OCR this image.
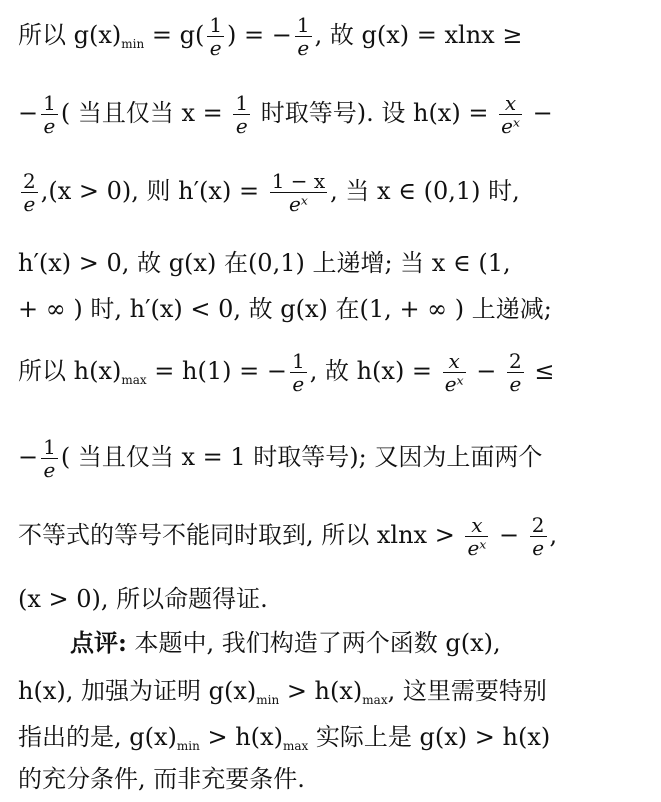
所以 $g(x)_{min} = g( \frac{1}{e}$ ) = − $\frac{1}{e}$ , 故 g(x) = xlnx ≥
− $\frac{1}{e}$ ( 当且仅当 $x = \frac{1}{e}$ 时取等号). 设 $h(x) = \frac{x}{\text{eˣ}}$ −
$\frac{2}{e} ,(x > 0)$, 则 $h'(x) = \frac{1 - x}{\text{eˣ}}$ , 当 x ∈ (0,1) 时,
h′(x) > 0, 故 g(x) 在(0,1) 上递增; 当 x ∈ (1,
+ ∞ ) 时, h′(x) < 0, 故 g(x) 在(1, + ∞ ) 上递减;
所以 $h(x)_{max} = h(1)$ = − $\frac{1}{e}$ , 故 $h(x) = \frac{x}{\text{eˣ}} - \frac{2}{e}$ ≤
− $\frac{1}{e}$ ( 当且仅当 x = 1 时取等号); 又因为上面两个
不等式的等号不能同时取到, 所以 $xlnx > \frac{x}{\text{eˣ}} - \frac{2}{e}$ ,
(x > 0), 所以命题得证.
点评: 本题中, 我们构造了两个函数 g(x),
h(x), 加强为证明 $g(x)_{min} > h(x)_{max}$, 这里需要特别
指出的是, $g(x)_{min} > h(x)_{max}$ 实际上是 g(x) > h(x)
的充分条件, 而非充要条件.
